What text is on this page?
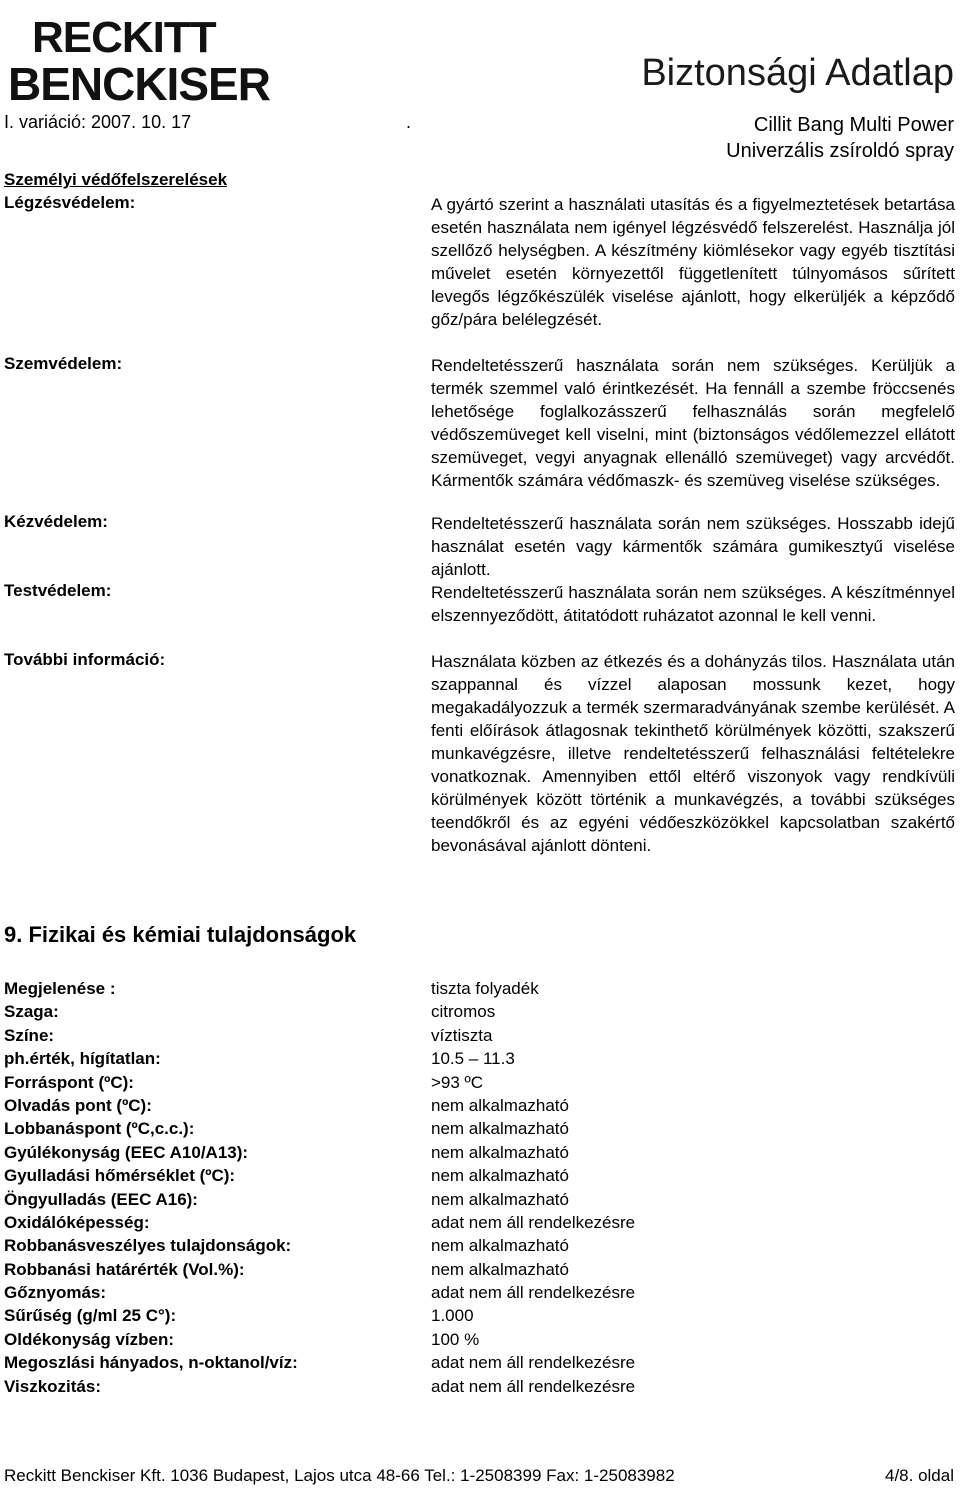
RECKITT
BENCKISER	Biztonsági Adatlap
I. variáció: 2007. 10. 17	.	Cillit Bang Multi Power
Univerzális zsíroldó spray
Személyi védőfelszerelések
Légzésvédelem:	A gyártó szerint a használati utasítás és a figyelmeztetések betartása esetén használata nem igényel légzésvédő felszerelést. Használja jól szellőző helységben. A készítmény kiömlésekor vagy egyéb tisztítási művelet esetén környezettől függetlenített túlnyomásos sűrített levegős légzőkészülék viselése ajánlott, hogy elkerüljék a képződő gőz/pára belélegzését.
Szemvédelem:	Rendeltetésszerű használata során nem szükséges. Kerüljük a termék szemmel való érintkezését. Ha fennáll a szembe fröccsenés lehetősége foglalkozásszerű felhasználás során megfelelő védőszemüveget kell viselni, mint (biztonságos védőlemezzel ellátott szemüveget, vegyi anyagnak ellenálló szemüveget) vagy arcvédőt. Kármentők számára védőmaszk- és szemüveg viselése szükséges.
Kézvédelem:	Rendeltetésszerű használata során nem szükséges. Hosszabb idejű használat esetén vagy kármentők számára gumikesztyű viselése ajánlott.
Testvédelem:	Rendeltetésszerű használata során nem szükséges. A készítménnyel elszennyeződött, átitatódott ruházatot azonnal le kell venni.
További információ:	Használata közben az étkezés és a dohányzás tilos. Használata után szappannal és vízzel alaposan mossunk kezet, hogy megakadályozzuk a termék szermaradványának szembe kerülését. A fenti előírások átlagosnak tekinthető körülmények közötti, szakszerű munkavégzésre, illetve rendeltetésszerű felhasználási feltételekre vonatkoznak. Amennyiben ettől eltérő viszonyok vagy rendkívüli körülmények között történik a munkavégzés, a további szükséges teendőkről és az egyéni védőeszközökkel kapcsolatban szakértő bevonásával ajánlott dönteni.
9. Fizikai és kémiai tulajdonságok
Megjelenése :	tiszta folyadék
Szaga:	citromos
Színe:	víztiszta
ph.érték, hígítatlan:	10.5 – 11.3
Forráspont (ºC):	>93 ºC
Olvadás pont (ºC):	nem alkalmazható
Lobbanáspont (ºC,c.c.):	nem alkalmazható
Gyúlékonyság (EEC A10/A13):	nem alkalmazható
Gyulladási hőmérséklet (ºC):	nem alkalmazható
Öngyulladás (EEC A16):	nem alkalmazható
Oxidálóképesség:	adat nem áll rendelkezésre
Robbanásveszélyes tulajdonságok:	nem alkalmazható
Robbanási határérték (Vol.%):	nem alkalmazható
Gőznyomás:	adat nem áll rendelkezésre
Sűrűség (g/ml 25 C°):	1.000
Oldékonyság vízben:	100 %
Megoszlási hányados, n-oktanol/víz:	adat nem áll rendelkezésre
Viszkozitás:	adat nem áll rendelkezésre
Reckitt Benckiser Kft. 1036 Budapest, Lajos utca 48-66 Tel.: 1-2508399 Fax: 1-25083982	4/8. oldal
